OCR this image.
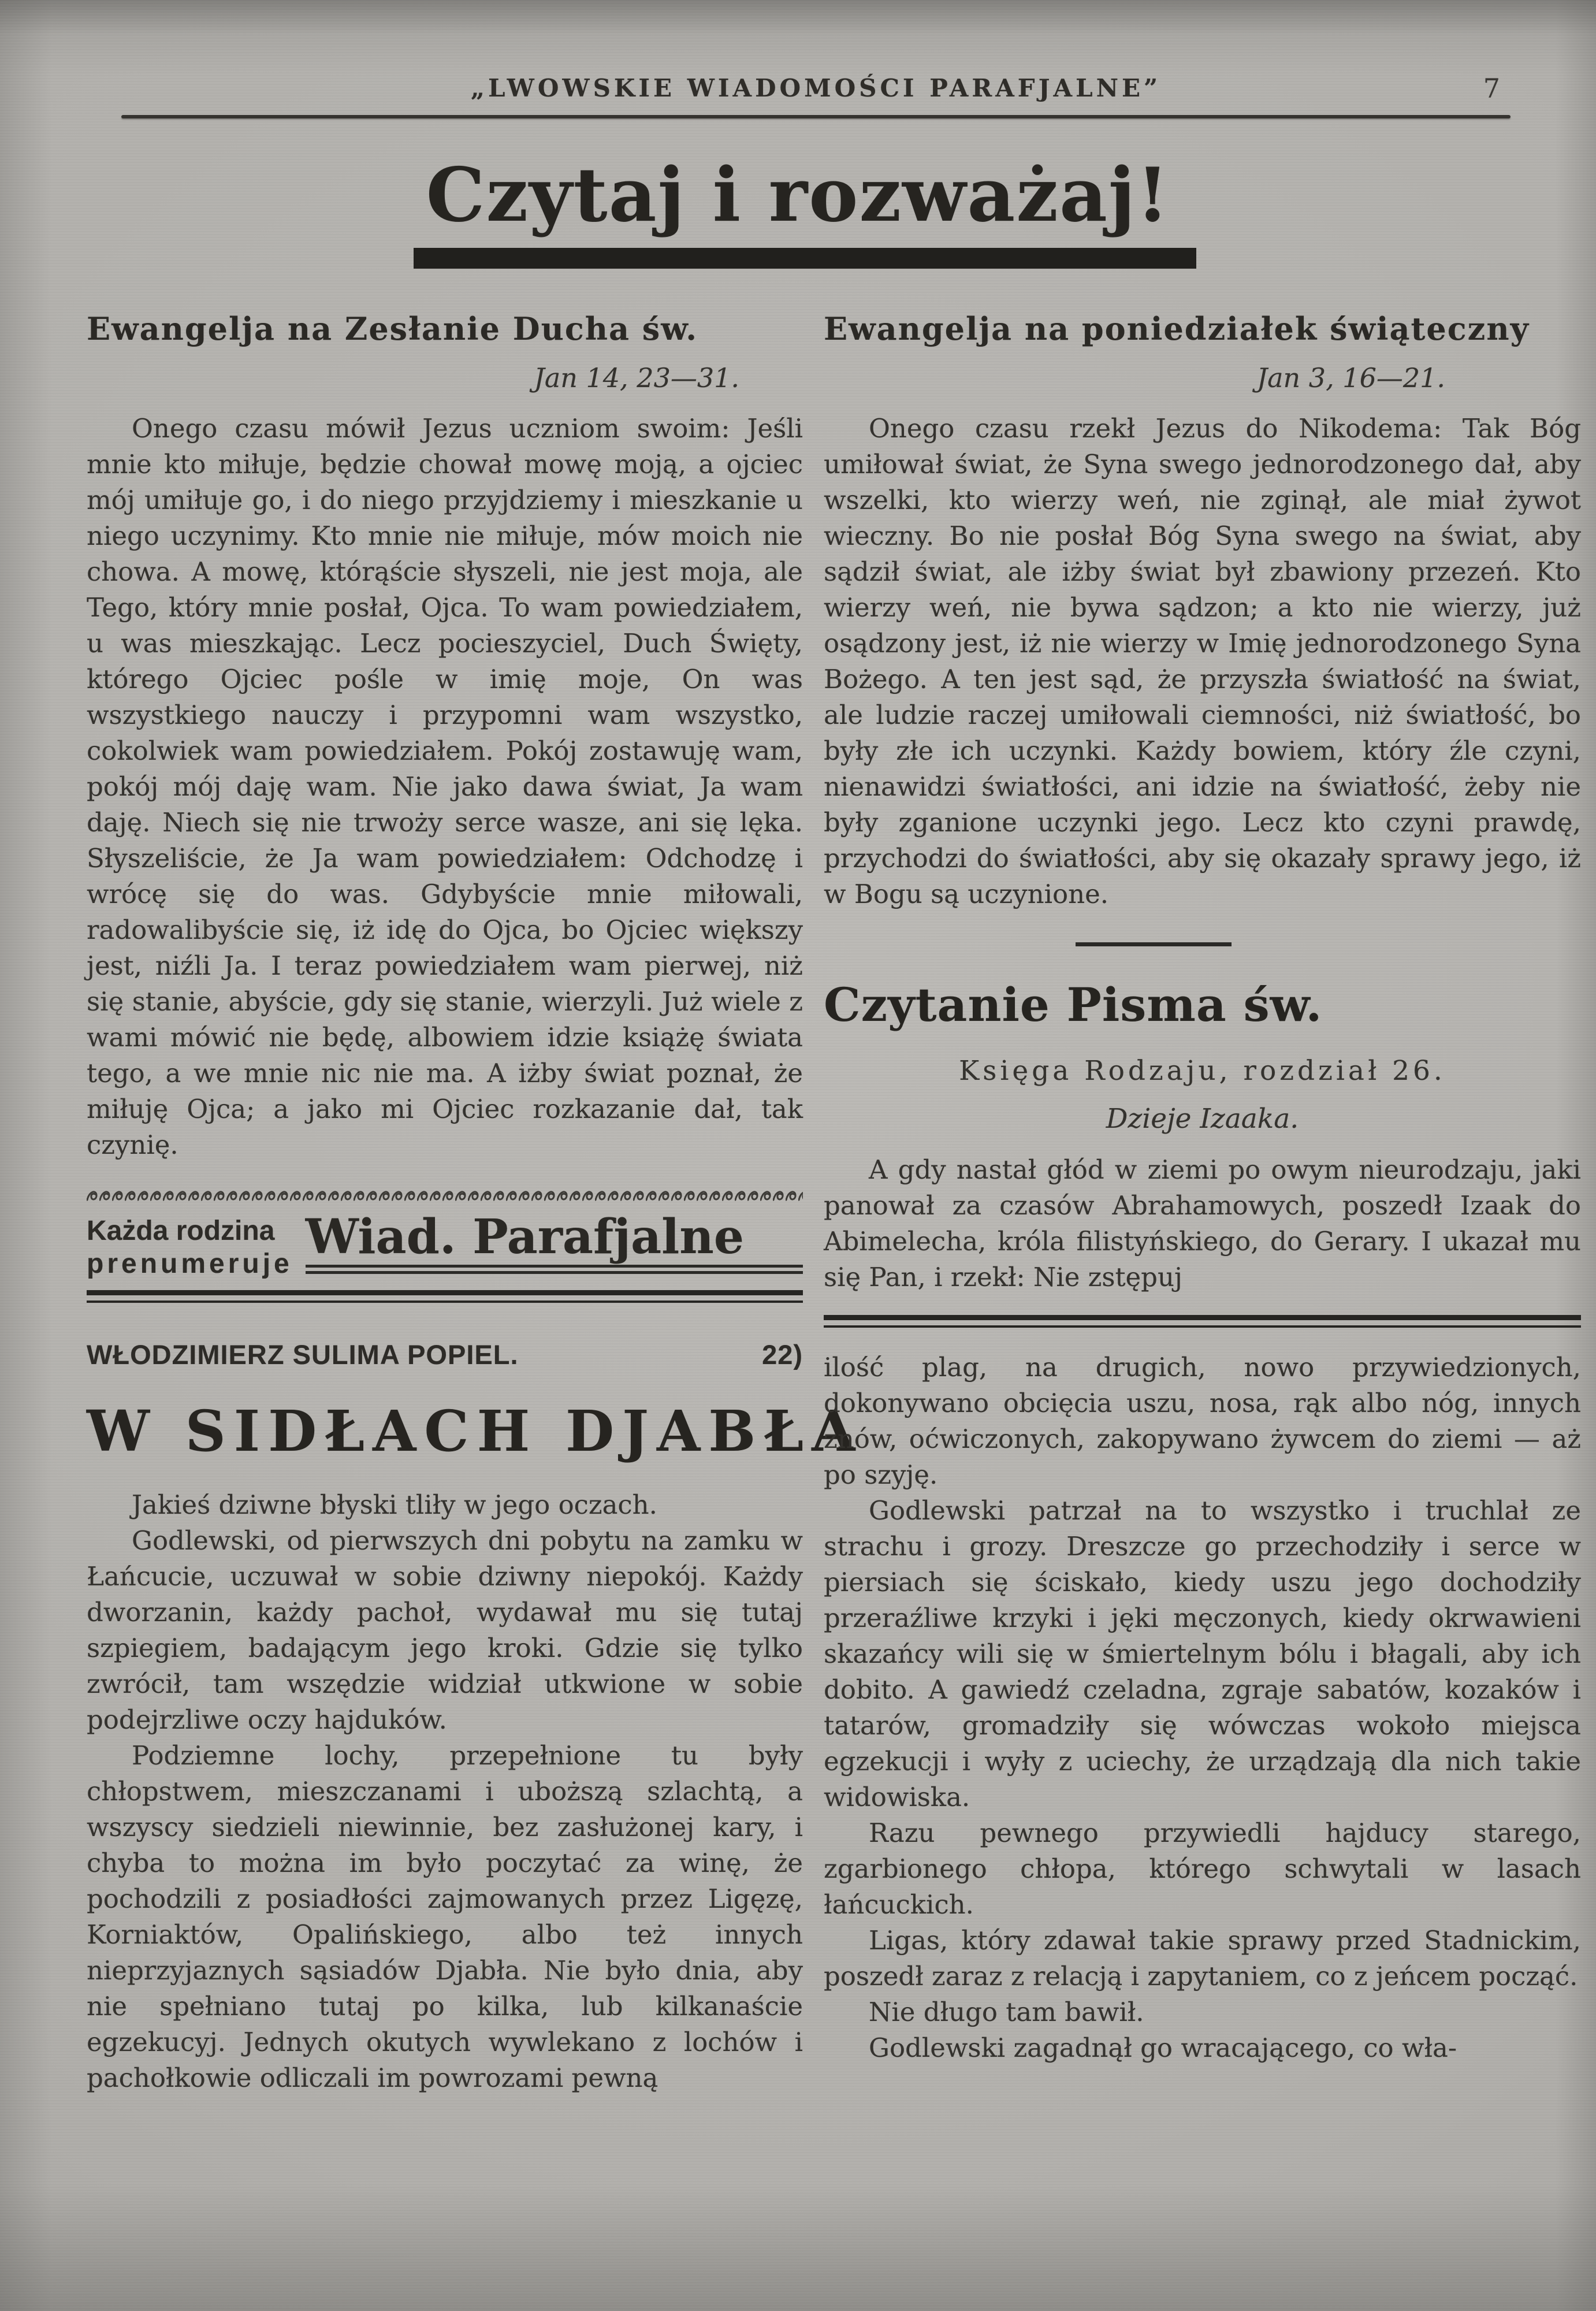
„LWOWSKIE WIADOMOŚCI PARAFJALNE”	7
Czytaj i rozważaj!
Ewangelja na Zesłanie Ducha św.

Jan 14, 23—31.

Onego czasu mówił Jezus uczniom swoim: Jeśli mnie kto miłuje, będzie chował mowę moją, a ojciec mój umiłuje go, i do niego przyjdziemy i mieszkanie u niego uczynimy. Kto mnie nie miłuje, mów moich nie chowa. A mowę, którąście słyszeli, nie jest moja, ale Tego, który mnie posłał, Ojca. To wam powiedziałem, u was mieszkając. Lecz pocieszyciel, Duch Święty, którego Ojciec pośle w imię moje, On was wszystkiego nauczy i przypomni wam wszystko, cokolwiek wam powiedziałem. Pokój zostawuję wam, pokój mój daję wam. Nie jako dawa świat, Ja wam daję. Niech się nie trwoży serce wasze, ani się lęka. Słyszeliście, że Ja wam powiedziałem: Odchodzę i wrócę się do was. Gdybyście mnie miłowali, radowalibyście się, iż idę do Ojca, bo Ojciec większy jest, niźli Ja. I teraz powiedziałem wam pierwej, niż się stanie, abyście, gdy się stanie, wierzyli. Już wiele z wami mówić nie będę, albowiem idzie książę świata tego, a we mnie nic nie ma. A iżby świat poznał, że miłuję Ojca; a jako mi Ojciec rozkazanie dał, tak czynię.

Każda rodzina
prenumeruje Wiad. Parafjalne
WŁODZIMIERZ SULIMA POPIEL.	22)
W SIDŁACH DJABŁA

Jakieś dziwne błyski tliły w jego oczach.

Godlewski, od pierwszych dni pobytu na zamku w Łańcucie, uczuwał w sobie dziwny niepokój. Każdy dworzanin, każdy pachoł, wydawał mu się tutaj szpiegiem, badającym jego kroki. Gdzie się tylko zwrócił, tam wszędzie widział utkwione w sobie podejrzliwe oczy hajduków.

Podziemne lochy, przepełnione tu były chłopstwem, mieszczanami i uboższą szlachtą, a wszyscy siedzieli niewinnie, bez zasłużonej kary, i chyba to można im było poczytać za winę, że pochodzili z posiadłości zajmowanych przez Ligęzę, Korniaktów, Opalińskiego, albo też innych nieprzyjaznych sąsiadów Djabła. Nie było dnia, aby nie spełniano tutaj po kilka, lub kilkanaście egzekucyj. Jednych okutych wywlekano z lochów i pachołkowie odliczali im powrozami pewną

Ewangelja na poniedziałek świąteczny

Jan 3, 16—21.

Onego czasu rzekł Jezus do Nikodema: Tak Bóg umiłował świat, że Syna swego jednorodzonego dał, aby wszelki, kto wierzy weń, nie zginął, ale miał żywot wieczny. Bo nie posłał Bóg Syna swego na świat, aby sądził świat, ale iżby świat był zbawiony przezeń. Kto wierzy weń, nie bywa sądzon; a kto nie wierzy, już osądzony jest, iż nie wierzy w Imię jednorodzonego Syna Bożego. A ten jest sąd, że przyszła światłość na świat, ale ludzie raczej umiłowali ciemności, niż światłość, bo były złe ich uczynki. Każdy bowiem, który źle czyni, nienawidzi światłości, ani idzie na światłość, żeby nie były zganione uczynki jego. Lecz kto czyni prawdę, przychodzi do światłości, aby się okazały sprawy jego, iż w Bogu są uczynione.

Czytanie Pisma św.

Księga Rodzaju, rozdział 26.

Dzieje Izaaka.

A gdy nastał głód w ziemi po owym nieurodzaju, jaki panował za czasów Abrahamowych, poszedł Izaak do Abimelecha, króla filistyńskiego, do Gerary. I ukazał mu się Pan, i rzekł: Nie zstępuj

ilość plag, na drugich, nowo przywiedzionych, dokonywano obcięcia uszu, nosa, rąk albo nóg, innych znów, oćwiczonych, zakopywano żywcem do ziemi — aż po szyję.

Godlewski patrzał na to wszystko i truchlał ze strachu i grozy. Dreszcze go przechodziły i serce w piersiach się ściskało, kiedy uszu jego dochodziły przeraźliwe krzyki i jęki męczonych, kiedy okrwawieni skazańcy wili się w śmiertelnym bólu i błagali, aby ich dobito. A gawiedź czeladna, zgraje sabatów, kozaków i tatarów, gromadziły się wówczas wokoło miejsca egzekucji i wyły z uciechy, że urządzają dla nich takie widowiska.

Razu pewnego przywiedli hajducy starego, zgarbionego chłopa, którego schwytali w lasach łańcuckich.

Ligas, który zdawał takie sprawy przed Stadnickim, poszedł zaraz z relacją i zapytaniem, co z jeńcem począć.

Nie długo tam bawił.

Godlewski zagadnął go wracającego, co wła-
